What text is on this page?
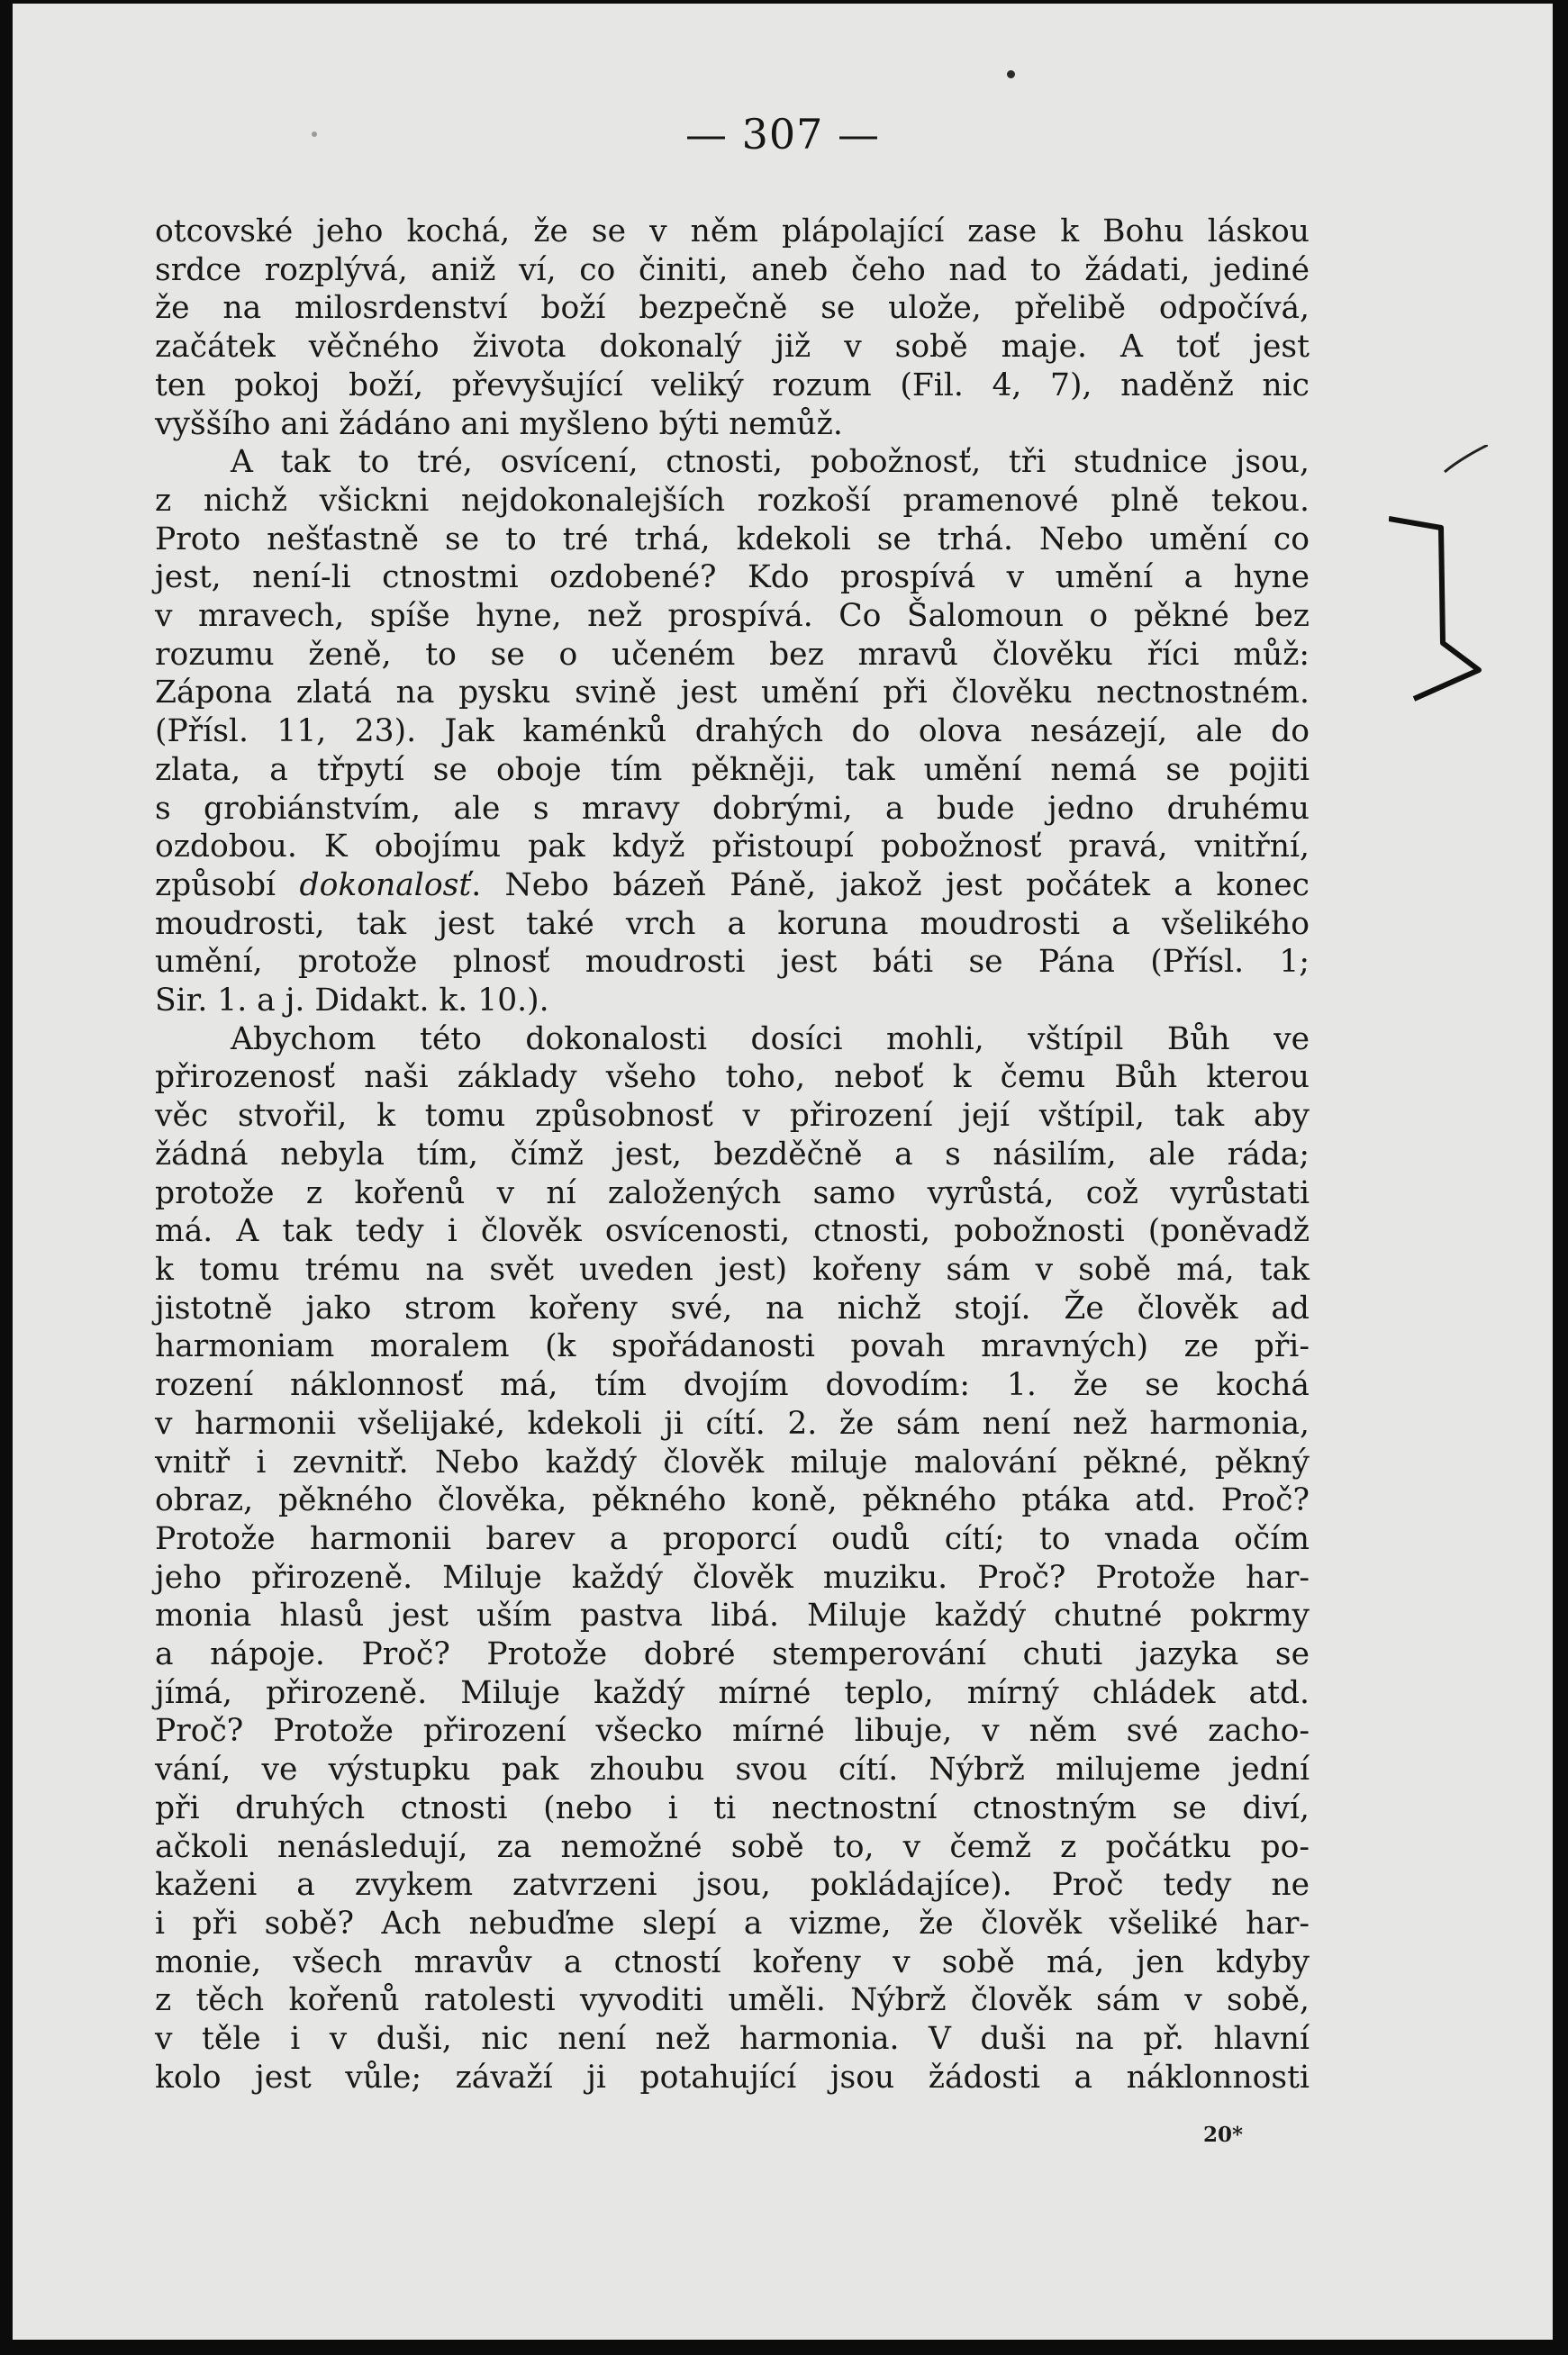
— 307 —
otcovské jeho kochá, že se v něm plápolající zase k Bohu láskou
srdce rozplývá, aniž ví, co činiti, aneb čeho nad to žádati, jediné
že na milosrdenství boží bezpečně se ulože, přelibě odpočívá,
začátek věčného života dokonalý již v sobě maje. A toť jest
ten pokoj boží, převyšující veliký rozum (Fil. 4, 7), naděnž nic
vyššího ani žádáno ani myšleno býti nemůž.
A tak to tré, osvícení, ctnosti, pobožnosť, tři studnice jsou,
z nichž všickni nejdokonalejších rozkoší pramenové plně tekou.
Proto nešťastně se to tré trhá, kdekoli se trhá. Nebo umění co
jest, není-li ctnostmi ozdobené? Kdo prospívá v umění a hyne
v mravech, spíše hyne, než prospívá. Co Šalomoun o pěkné bez
rozumu ženě, to se o učeném bez mravů člověku říci můž:
Zápona zlatá na pysku svině jest umění při člověku nectnostném.
(Přísl. 11, 23). Jak kaménků drahých do olova nesázejí, ale do
zlata, a třpytí se oboje tím pěkněji, tak umění nemá se pojiti
s grobiánstvím, ale s mravy dobrými, a bude jedno druhému
ozdobou. K obojímu pak když přistoupí pobožnosť pravá, vnitřní,
způsobí dokonalosť. Nebo bázeň Páně, jakož jest počátek a konec
moudrosti, tak jest také vrch a koruna moudrosti a všelikého
umění, protože plnosť moudrosti jest báti se Pána (Přísl. 1;
Sir. 1. a j. Didakt. k. 10.).
Abychom této dokonalosti dosíci mohli, vštípil Bůh ve
přirozenosť naši základy všeho toho, neboť k čemu Bůh kterou
věc stvořil, k tomu způsobnosť v přirození její vštípil, tak aby
žádná nebyla tím, čímž jest, bezděčně a s násilím, ale ráda;
protože z kořenů v ní založených samo vyrůstá, což vyrůstati
má. A tak tedy i člověk osvícenosti, ctnosti, pobožnosti (poněvadž
k tomu trému na svět uveden jest) kořeny sám v sobě má, tak
jistotně jako strom kořeny své, na nichž stojí. Že člověk ad
harmoniam moralem (k spořádanosti povah mravných) ze při-
rození náklonnosť má, tím dvojím dovodím: 1. že se kochá
v harmonii všelijaké, kdekoli ji cítí. 2. že sám není než harmonia,
vnitř i zevnitř. Nebo každý člověk miluje malování pěkné, pěkný
obraz, pěkného člověka, pěkného koně, pěkného ptáka atd. Proč?
Protože harmonii barev a proporcí oudů cítí; to vnada očím
jeho přirozeně. Miluje každý člověk muziku. Proč? Protože har-
monia hlasů jest uším pastva libá. Miluje každý chutné pokrmy
a nápoje. Proč? Protože dobré stemperování chuti jazyka se
jímá, přirozeně. Miluje každý mírné teplo, mírný chládek atd.
Proč? Protože přirození všecko mírné libuje, v něm své zacho-
vání, ve výstupku pak zhoubu svou cítí. Nýbrž milujeme jední
při druhých ctnosti (nebo i ti nectnostní ctnostným se diví,
ačkoli nenásledují, za nemožné sobě to, v čemž z počátku po-
kaženi a zvykem zatvrzeni jsou, pokládajíce). Proč tedy ne
i při sobě? Ach nebuďme slepí a vizme, že člověk všeliké har-
monie, všech mravův a ctností kořeny v sobě má, jen kdyby
z těch kořenů ratolesti vyvoditi uměli. Nýbrž člověk sám v sobě,
v těle i v duši, nic není než harmonia. V duši na př. hlavní
kolo jest vůle; závaží ji potahující jsou žádosti a náklonnosti
20*
